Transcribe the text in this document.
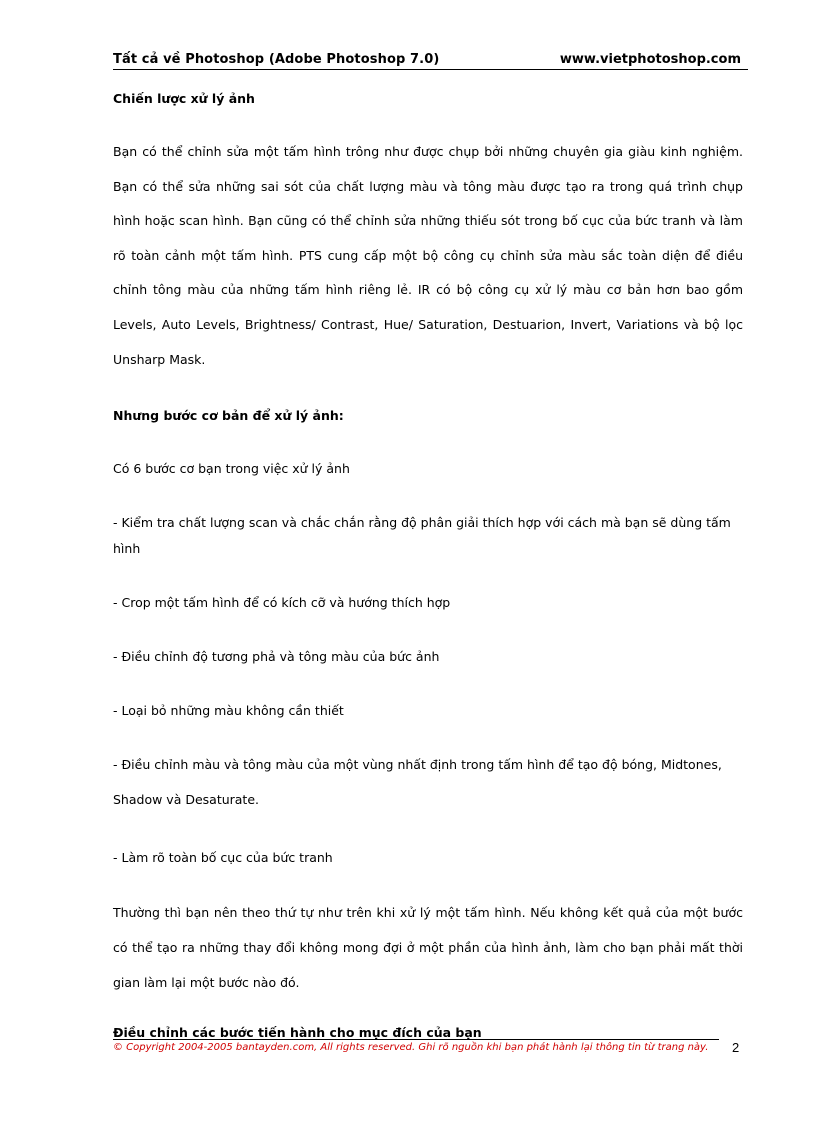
Tất cả về Photoshop (Adobe Photoshop 7.0)	www.vietphotoshop.com

Chiến lược xử lý ảnh

Bạn có thể chỉnh sửa một tấm hình trông như được chụp bởi những chuyên gia giàu kinh nghiệm. Bạn có thể sửa những sai sót của chất lượng màu và tông màu được tạo ra trong quá trình chụp hình hoặc scan hình. Bạn cũng có thể chỉnh sửa những thiếu sót trong bố cục của bức tranh và làm rõ toàn cảnh một tấm hình. PTS cung cấp một bộ công cụ chỉnh sửa màu sắc toàn diện để điều chỉnh tông màu của những tấm hình riêng lẻ. IR có bộ công cụ xử lý màu cơ bản hơn bao gồm Levels, Auto Levels, Brightness/ Contrast, Hue/ Saturation, Destuarion, Invert, Variations và bộ lọc Unsharp Mask.

Nhưng bước cơ bản để xử lý ảnh:

Có 6 bước cơ bạn trong việc xử lý ảnh

- Kiểm tra chất lượng scan và chắc chắn rằng độ phân giải thích hợp với cách mà bạn sẽ dùng tấm hình

- Crop một tấm hình để có kích cỡ và hướng thích hợp

- Điều chỉnh độ tương phả và tông màu của bức ảnh

- Loại bỏ những màu không cần thiết

- Điều chỉnh màu và tông màu của một vùng nhất định trong tấm hình để tạo độ bóng, Midtones, Shadow và Desaturate.

- Làm rõ toàn bố cục của bức tranh

Thường thì bạn nên theo thứ tự như trên khi xử lý một tấm hình. Nếu không kết quả của một bước có thể tạo ra những thay đổi không mong đợi ở một phần của hình ảnh, làm cho bạn phải mất thời gian làm lại một bước nào đó.

Điều chỉnh các bước tiến hành cho mục đích của bạn

© Copyright 2004-2005 bantayden.com, All rights reserved. Ghi rõ nguồn khi bạn phát hành lại thông tin từ trang này. 2
